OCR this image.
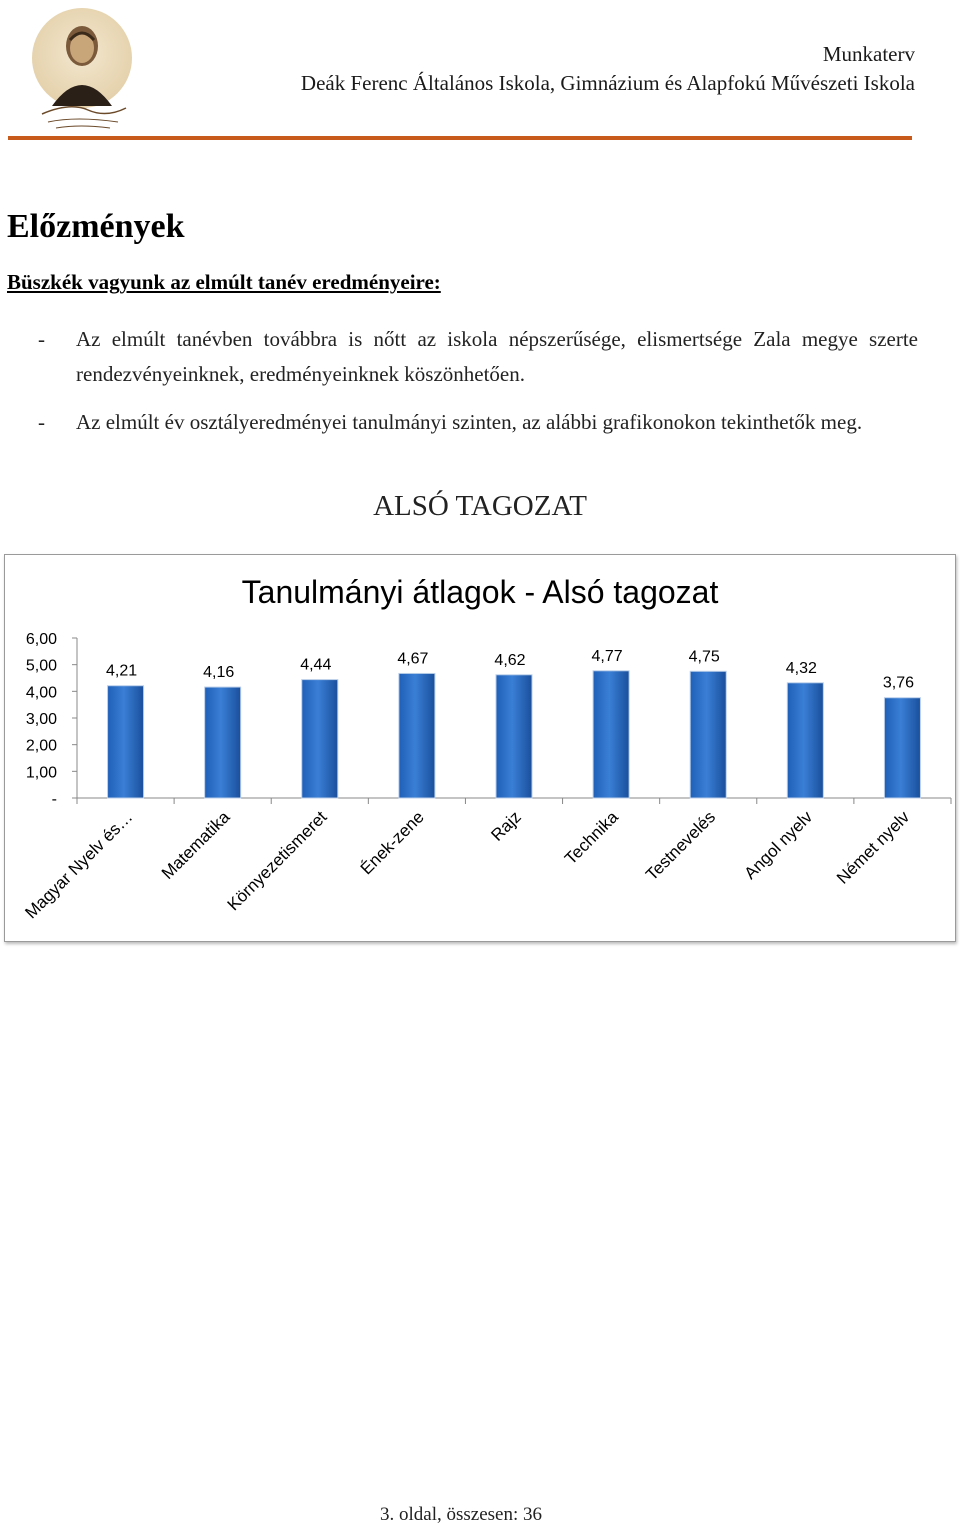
Munkaterv
Deák Ferenc Általános Iskola, Gimnázium és Alapfokú Művészeti Iskola
Előzmények
Büszkék vagyunk az elmúlt tanév eredményeire:
-	Az elmúlt tanévben továbbra is nőtt az iskola népszerűsége, elismertsége Zala megye szerte rendezvényeinknek, eredményeinknek köszönhetően.
-	Az elmúlt év osztályeredményei tanulmányi szinten, az alábbi grafikonokon tekinthetők meg.
ALSÓ TAGOZAT
Tanulmányi átlagok - Alsó tagozat
-
1,00
2,00
3,00
4,00
5,00
6,00
4,21
Magyar Nyelv és…
4,16
Matematika
4,44
Környezetismeret
4,67
Ének-zene
4,62
Rajz
4,77
Technika
4,75
Testnevelés
4,32
Angol nyelv
3,76
Német nyelv
3. oldal, összesen: 36
